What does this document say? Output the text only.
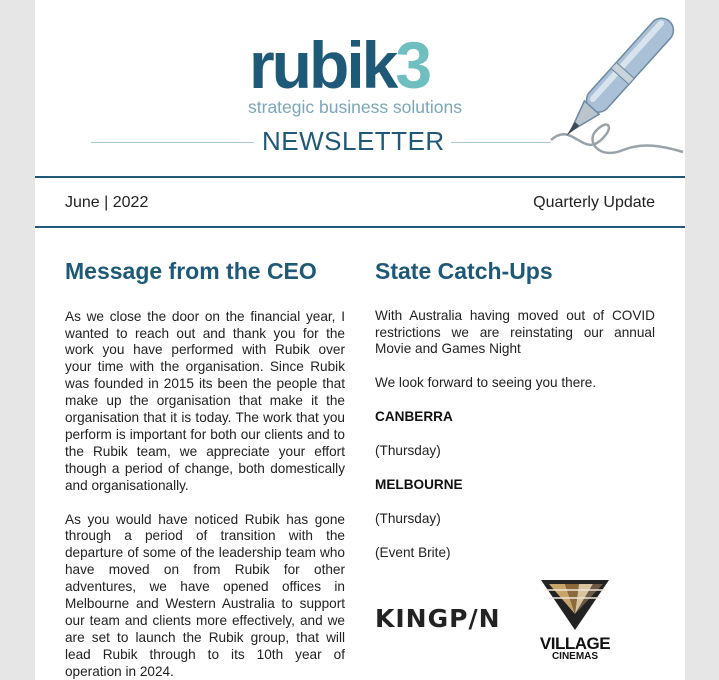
rubik3
strategic business solutions
NEWSLETTER
June | 2022	Quarterly Update
Message from the CEO

As we close the door on the financial year, I wanted to reach out and thank you for the work you have performed with Rubik over your time with the organisation. Since Rubik was founded in 2015 its been the people that make up the organisation that make it the organisation that it is today. The work that you perform is important for both our clients and to the Rubik team, we appreciate your effort though a period of change, both domestically and organisationally.

As you would have noticed Rubik has gone through a period of transition with the departure of some of the leadership team who have moved on from Rubik for other adventures, we have opened offices in Melbourne and Western Australia to support our team and clients more effectively, and we are set to launch the Rubik group, that will lead Rubik through to its 10th year of operation in 2024.

State Catch-Ups

With Australia having moved out of COVID restrictions we are reinstating our annual Movie and Games Night

We look forward to seeing you there.

CANBERRA

(Thursday)

MELBOURNE

(Thursday)

(Event Brite)

KINGP/N
VILLAGE
CINEMAS
